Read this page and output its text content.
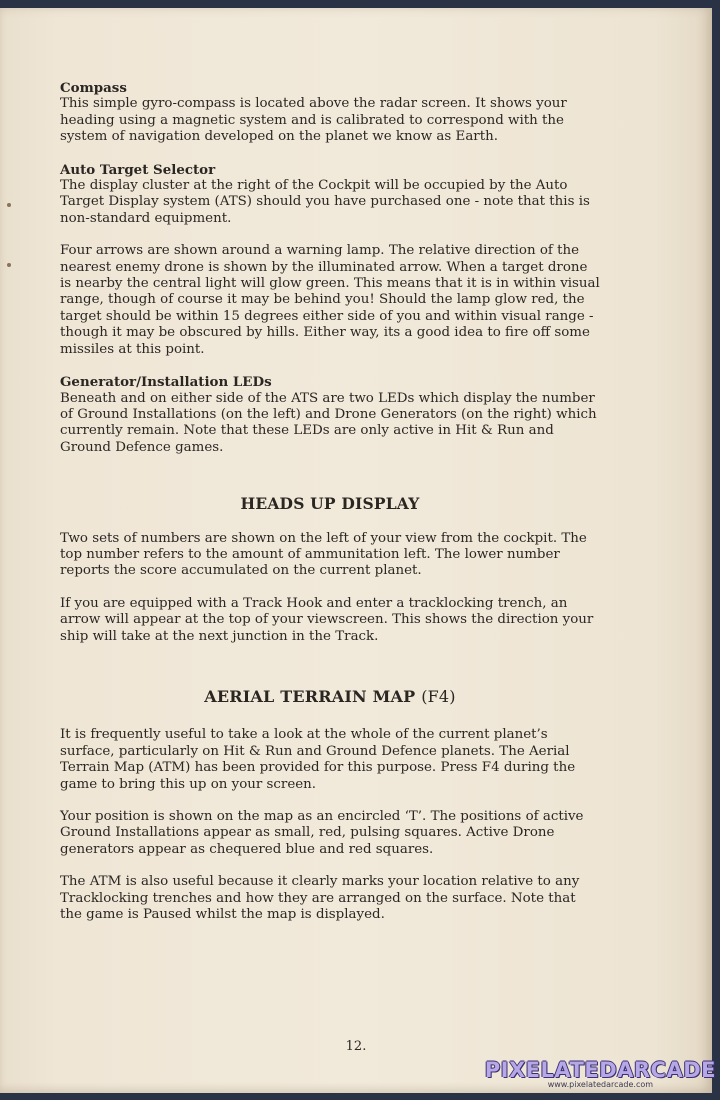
Compass

This simple gyro-compass is located above the radar screen. It shows your heading using a magnetic system and is calibrated to correspond with the system of navigation developed on the planet we know as Earth.

Auto Target Selector

The display cluster at the right of the Cockpit will be occupied by the Auto Target Display system (ATS) should you have purchased one - note that this is non-standard equipment.

Four arrows are shown around a warning lamp. The relative direction of the nearest enemy drone is shown by the illuminated arrow. When a target drone is nearby the central light will glow green. This means that it is in within visual range, though of course it may be behind you! Should the lamp glow red, the target should be within 15 degrees either side of you and within visual range - though it may be obscured by hills. Either way, its a good idea to fire off some missiles at this point.

Generator/Installation LEDs

Beneath and on either side of the ATS are two LEDs which display the number of Ground Installations (on the left) and Drone Generators (on the right) which currently remain. Note that these LEDs are only active in Hit & Run and Ground Defence games.

HEADS UP DISPLAY

Two sets of numbers are shown on the left of your view from the cockpit. The top number refers to the amount of ammunitation left. The lower number reports the score accumulated on the current planet.

If you are equipped with a Track Hook and enter a tracklocking trench, an arrow will appear at the top of your viewscreen. This shows the direction your ship will take at the next junction in the Track.

AERIAL TERRAIN MAP (F4)

It is frequently useful to take a look at the whole of the current planet’s surface, particularly on Hit & Run and Ground Defence planets. The Aerial Terrain Map (ATM) has been provided for this purpose. Press F4 during the game to bring this up on your screen.

Your position is shown on the map as an encircled ‘T’. The positions of active Ground Installations appear as small, red, pulsing squares. Active Drone generators appear as chequered blue and red squares.

The ATM is also useful because it clearly marks your location relative to any Tracklocking trenches and how they are arranged on the surface. Note that the game is Paused whilst the map is displayed.

12.
PIXELATEDARCADE
www.pixelatedarcade.com
